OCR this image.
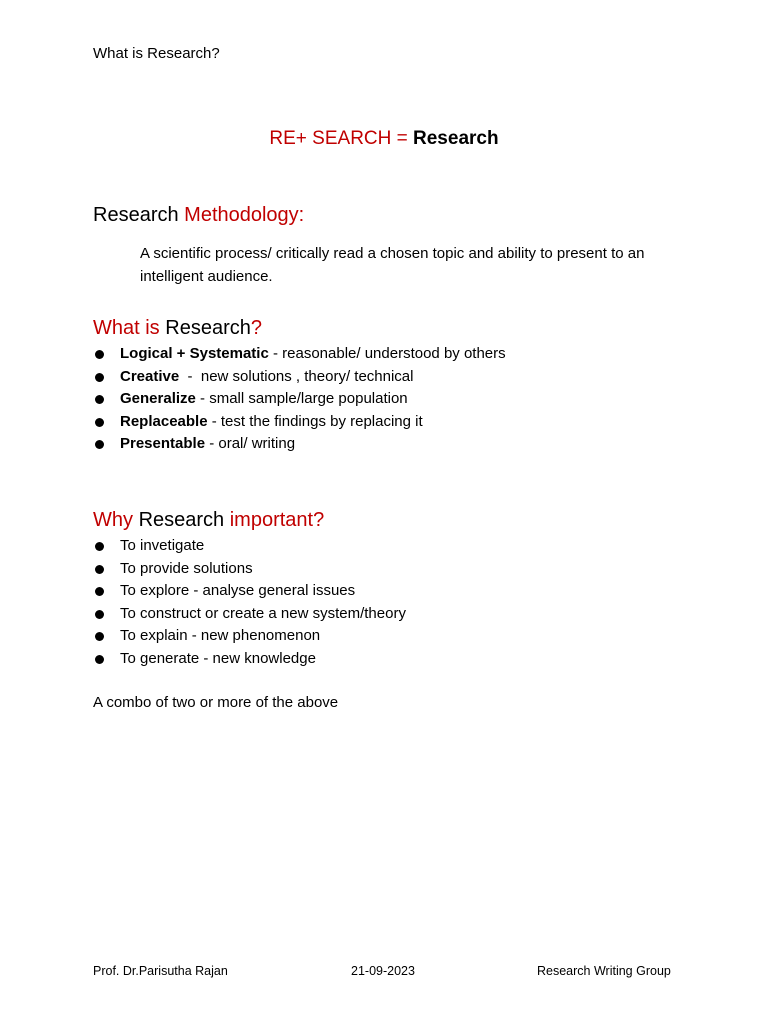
What is Research?
RE+ SEARCH = Research
Research Methodology:
A scientific process/ critically read a chosen topic and ability to present to an intelligent audience.
What is Research?
Logical + Systematic - reasonable/ understood by others
Creative  -  new solutions , theory/ technical
Generalize - small sample/large population
Replaceable - test the findings by replacing it
Presentable - oral/ writing
Why Research important?
To invetigate
To provide solutions
To explore - analyse general issues
To construct or create a new system/theory
To explain - new phenomenon
To generate - new knowledge
A combo of two or more of the above
Prof. Dr.Parisutha Rajan	21-09-2023	Research Writing Group
